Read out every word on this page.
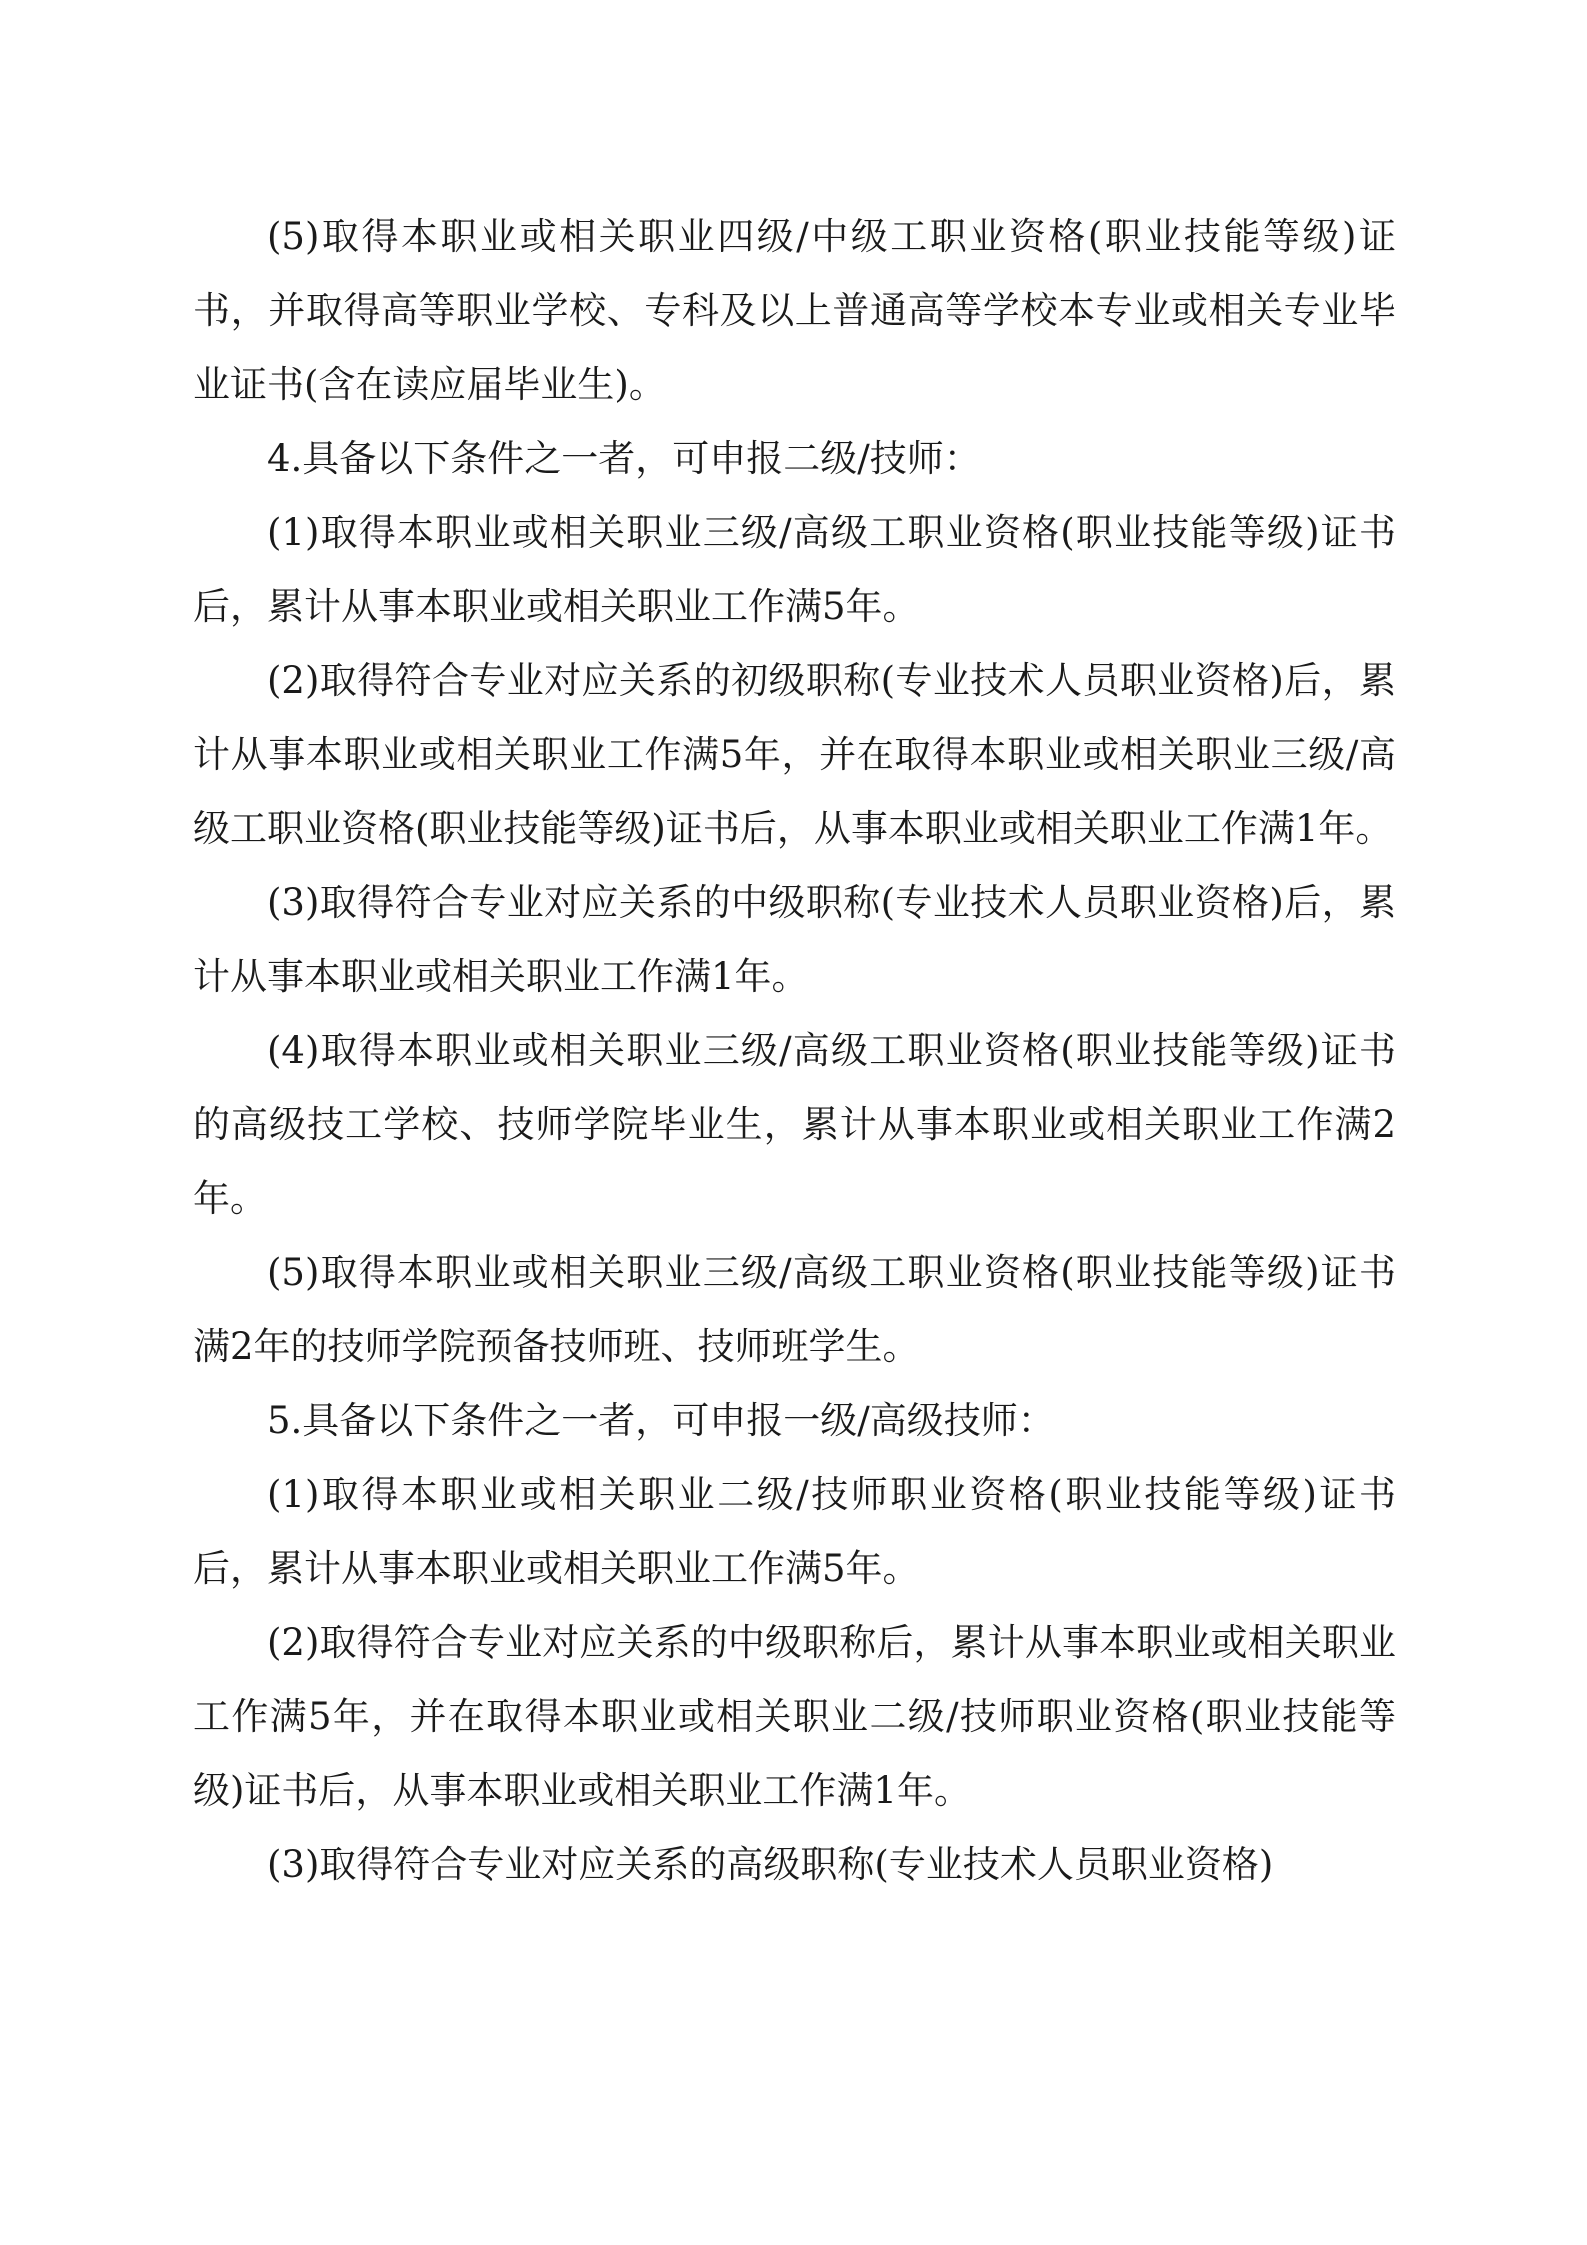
(5)取得本职业或相关职业四级/中级工职业资格(职业技能等级)证书，并取得高等职业学校、专科及以上普通高等学校本专业或相关专业毕业证书(含在读应届毕业生)。

4.具备以下条件之一者，可申报二级/技师：

(1)取得本职业或相关职业三级/高级工职业资格(职业技能等级)证书后，累计从事本职业或相关职业工作满5年。

(2)取得符合专业对应关系的初级职称(专业技术人员职业资格)后，累计从事本职业或相关职业工作满5年，并在取得本职业或相关职业三级/高级工职业资格(职业技能等级)证书后，从事本职业或相关职业工作满1年。

(3)取得符合专业对应关系的中级职称(专业技术人员职业资格)后，累计从事本职业或相关职业工作满1年。

(4)取得本职业或相关职业三级/高级工职业资格(职业技能等级)证书的高级技工学校、技师学院毕业生，累计从事本职业或相关职业工作满2年。

(5)取得本职业或相关职业三级/高级工职业资格(职业技能等级)证书满2年的技师学院预备技师班、技师班学生。

5.具备以下条件之一者，可申报一级/高级技师：

(1)取得本职业或相关职业二级/技师职业资格(职业技能等级)证书后，累计从事本职业或相关职业工作满5年。

(2)取得符合专业对应关系的中级职称后，累计从事本职业或相关职业工作满5年，并在取得本职业或相关职业二级/技师职业资格(职业技能等级)证书后，从事本职业或相关职业工作满1年。

(3)取得符合专业对应关系的高级职称(专业技术人员职业资格)
